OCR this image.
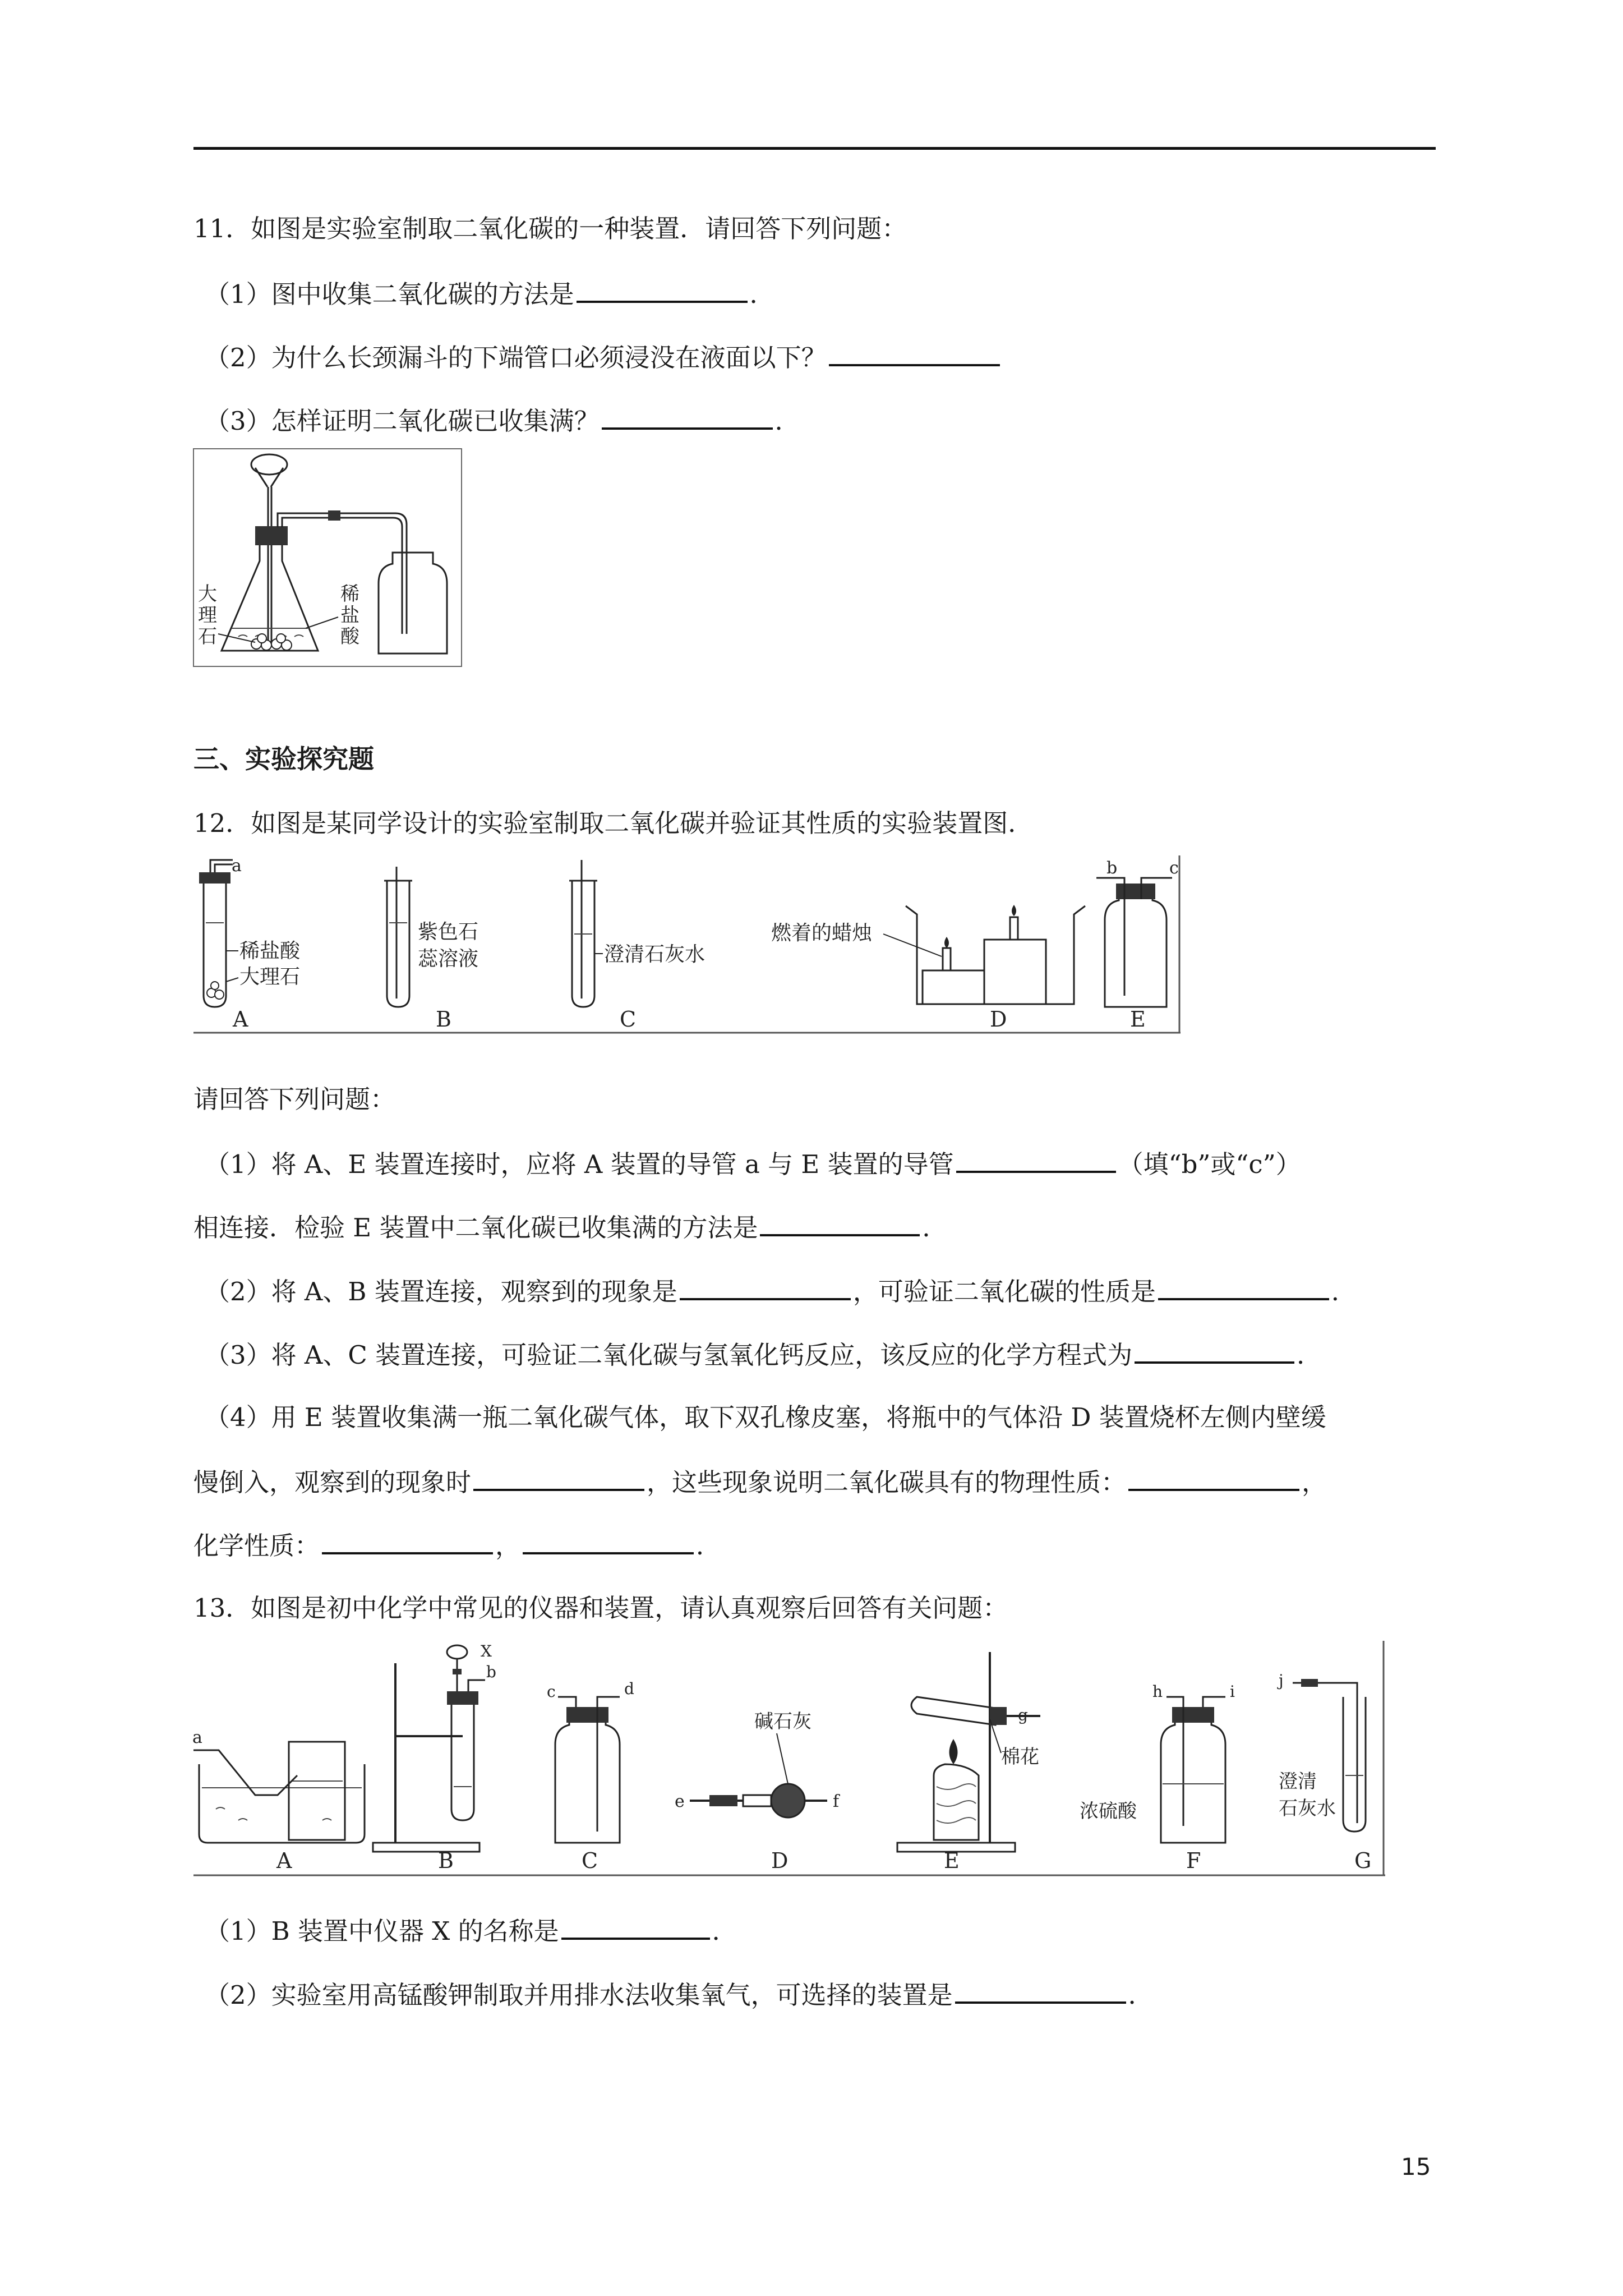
11．如图是实验室制取二氧化碳的一种装置．请回答下列问题：
（1）图中收集二氧化碳的方法是	．
（2）为什么长颈漏斗的下端管口必须浸没在液面以下？
（3）怎样证明二氧化碳已收集满？	．
大
理
石
稀
盐
酸
三、实验探究题
12．如图是某同学设计的实验室制取二氧化碳并验证其性质的实验装置图．
a
稀盐酸
大理石
A
紫色石
蕊溶液
B
澄清石灰水
C
燃着的蜡烛
D
b	c
E
请回答下列问题：
（1）将 A、E 装置连接时，应将 A 装置的导管 a 与 E 装置的导管	（填“b”或“c”）
相连接．检验 E 装置中二氧化碳已收集满的方法是	．
（2）将 A、B 装置连接，观察到的现象是	，可验证二氧化碳的性质是	．
（3）将 A、C 装置连接，可验证二氧化碳与氢氧化钙反应，该反应的化学方程式为	．
（4）用 E 装置收集满一瓶二氧化碳气体，取下双孔橡皮塞，将瓶中的气体沿 D 装置烧杯左侧内壁缓
慢倒入，观察到的现象时	，这些现象说明二氧化碳具有的物理性质：	，
化学性质：	，	．
13．如图是初中化学中常见的仪器和装置，请认真观察后回答有关问题：
a
A
X
b
B
c	d
C
碱石灰
e	f
D
g
棉花
E
h	i
浓硫酸
F
j
澄清
石灰水
G
（1）B 装置中仪器 X 的名称是	．
（2）实验室用高锰酸钾制取并用排水法收集氧气，可选择的装置是	．
15
